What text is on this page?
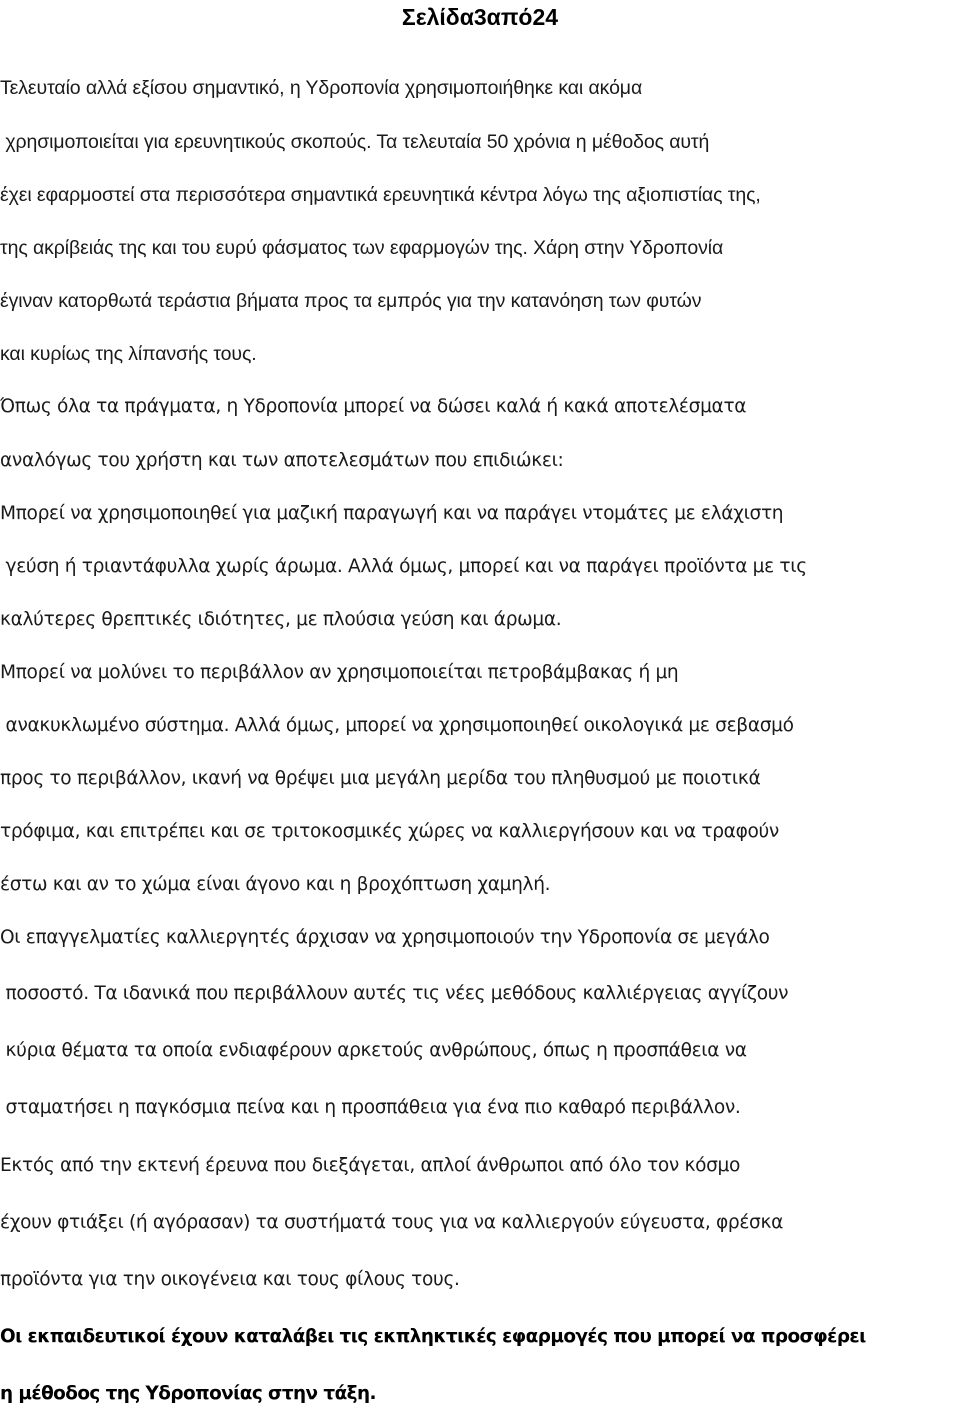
Σελίδα3από24

Τελευταίο αλλά εξίσου σημαντικό, η Υδροπονία χρησιμοποιήθηκε και ακόμα

χρησιμοποιείται για ερευνητικούς σκοπούς. Τα τελευταία 50 χρόνια η μέθοδος αυτή

έχει εφαρμοστεί στα περισσότερα σημαντικά ερευνητικά κέντρα λόγω της αξιοπιστίας της,

της ακρίβειάς της και του ευρύ φάσματος των εφαρμογών της. Χάρη στην Υδροπονία

έγιναν κατορθωτά τεράστια βήματα προς τα εμπρός για την κατανόηση των φυτών

και κυρίως της λίπανσής τους.

Όπως όλα τα πράγματα, η Υδροπονία μπορεί να δώσει καλά ή κακά αποτελέσματα

αναλόγως του χρήστη και των αποτελεσμάτων που επιδιώκει:

Μπορεί να χρησιμοποιηθεί για μαζική παραγωγή και να παράγει ντομάτες με ελάχιστη

γεύση ή τριαντάφυλλα χωρίς άρωμα. Αλλά όμως, μπορεί και να παράγει προϊόντα με τις

καλύτερες θρεπτικές ιδιότητες, με πλούσια γεύση και άρωμα.

Μπορεί να μολύνει το περιβάλλον αν χρησιμοποιείται πετροβάμβακας ή μη

ανακυκλωμένο σύστημα. Αλλά όμως, μπορεί να χρησιμοποιηθεί οικολογικά με σεβασμό

προς το περιβάλλον, ικανή να θρέψει μια μεγάλη μερίδα του πληθυσμού με ποιοτικά

τρόφιμα, και επιτρέπει και σε τριτοκοσμικές χώρες να καλλιεργήσουν και να τραφούν

έστω και αν το χώμα είναι άγονο και η βροχόπτωση χαμηλή.

Οι επαγγελματίες καλλιεργητές άρχισαν να χρησιμοποιούν την Υδροπονία σε μεγάλο

ποσοστό. Τα ιδανικά που περιβάλλουν αυτές τις νέες μεθόδους καλλιέργειας αγγίζουν

κύρια θέματα τα οποία ενδιαφέρουν αρκετούς ανθρώπους, όπως η προσπάθεια να

σταματήσει η παγκόσμια πείνα και η προσπάθεια για ένα πιο καθαρό περιβάλλον.

Εκτός από την εκτενή έρευνα που διεξάγεται, απλοί άνθρωποι από όλο τον κόσμο

έχουν φτιάξει (ή αγόρασαν) τα συστήματά τους για να καλλιεργούν εύγευστα, φρέσκα

προϊόντα για την οικογένεια και τους φίλους τους.

Οι εκπαιδευτικοί έχουν καταλάβει τις εκπληκτικές εφαρμογές που μπορεί να προσφέρει

η μέθοδος της Υδροπονίας στην τάξη.
